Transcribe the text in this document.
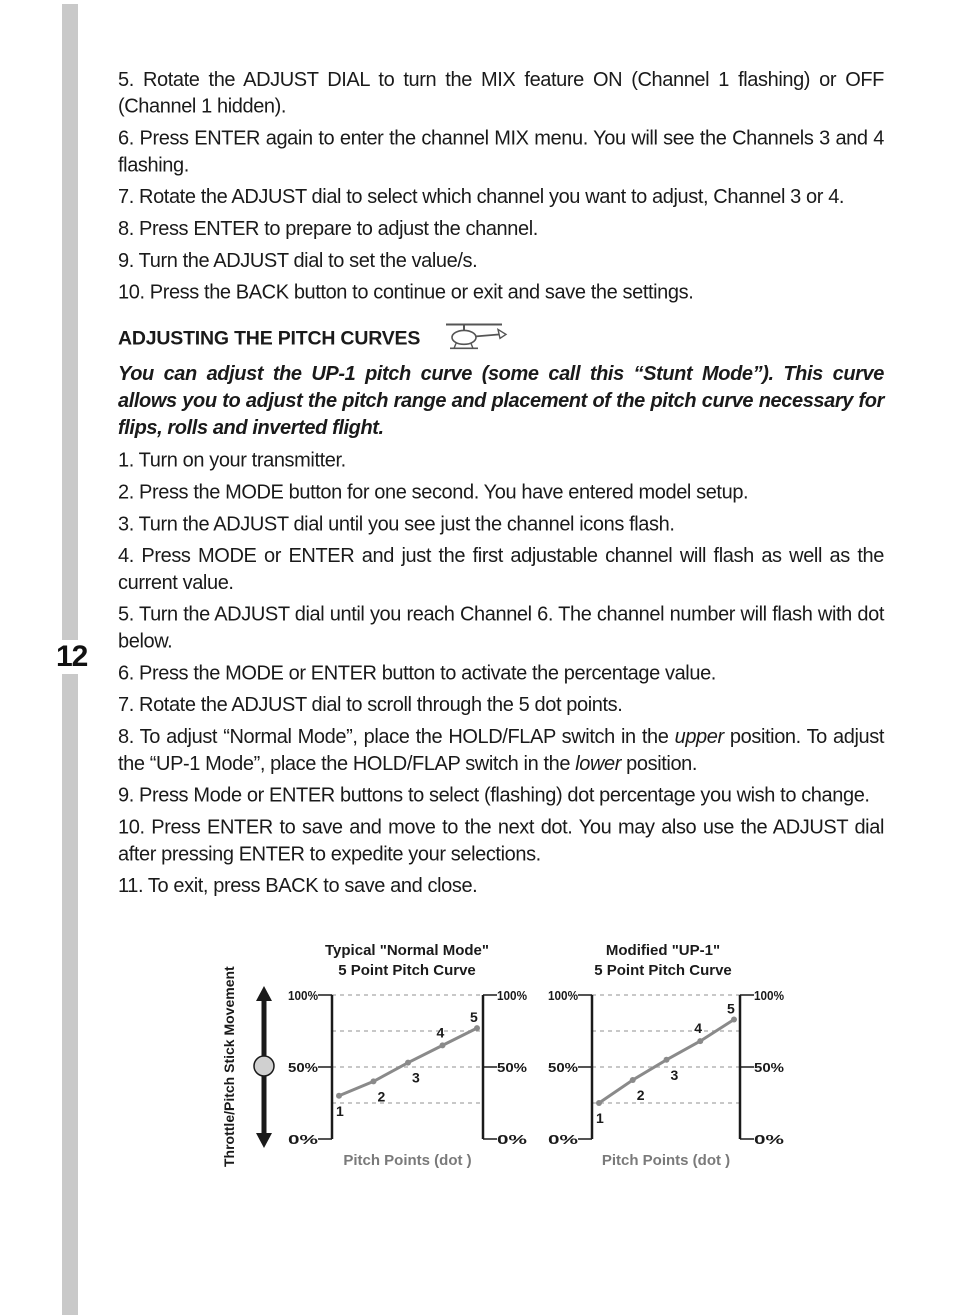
12

5. Rotate the ADJUST DIAL to turn the MIX feature ON (Channel 1 flashing) or OFF (Channel 1 hidden).

6. Press ENTER again to enter the channel MIX menu. You will see the Channels 3 and 4 flashing.

7. Rotate the ADJUST dial to select which channel you want to adjust, Channel 3 or 4.

8. Press ENTER to prepare to adjust the channel.

9. Turn the ADJUST dial to set the value/s.

10. Press the BACK button to continue or exit and save the settings.

ADJUSTING THE PITCH CURVES

You can adjust the UP-1 pitch curve (some call this “Stunt Mode”). This curve allows you to adjust the pitch range and placement of the pitch curve necessary for flips, rolls and inverted flight.

1. Turn on your transmitter.

2. Press the MODE button for one second. You have entered model setup.

3. Turn the ADJUST dial until you see just the channel icons flash.

4. Press MODE or ENTER and just the first adjustable channel will flash as well as the current value.

5. Turn the ADJUST dial until you reach Channel 6. The channel number will flash with dot below.

6. Press the MODE or ENTER button to activate the percentage value.

7. Rotate the ADJUST dial to scroll through the 5 dot points.

8. To adjust “Normal Mode”, place the HOLD/FLAP switch in the upper position. To adjust the “UP-1 Mode”, place the HOLD/FLAP switch in the lower position.

9. Press Mode or ENTER buttons to select (flashing) dot percentage you wish to change.

10. Press ENTER to save and move to the next dot. You may also use the ADJUST dial after pressing ENTER to expedite your selections.

11. To exit, press BACK to save and close.

Throttle/Pitch Stick Movement
Typical "Normal Mode"
5 Point Pitch Curve
100%	100%
50%	50%
0%	0%
1
2
3
4
5
Pitch Points (dot )
Modified "UP-1"
5 Point Pitch Curve
100%	100%
50%	50%
0%	0%
1
2
3
4
5
Pitch Points (dot )
